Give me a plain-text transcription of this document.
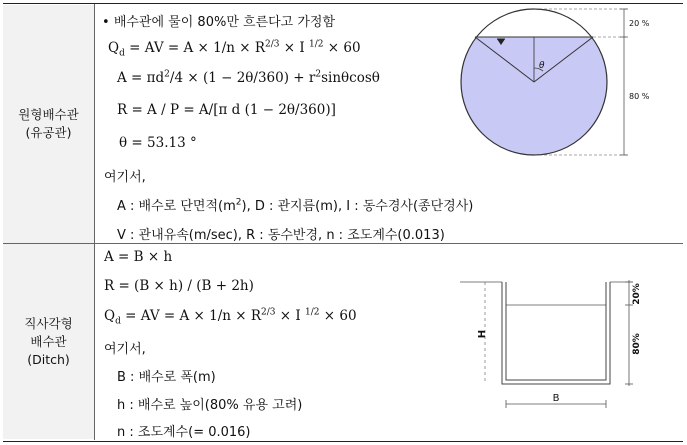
원형배수관
(유공관)
• 배수관에 물이 80%만 흐른다고 가정함
$Q_d$ = AV = $A \times 1/n \times R^{2/3} \times I$ $^{1/2}$ × 60
$A = \pi d^2/4 \times (1 - 2\theta/360) + r^2\sin\theta\cos\theta$
R = A / P = A/[π d (1 − 2θ/360)]
θ = 53.13 °
여기서,
A : 배수로 단면적$(m^2)$, D : 관지름(m), I : 동수경사(종단경사)
V : 관내유속(m/sec), R : 동수반경, n : 조도계수(0.013)
θ
20 %
80 %
직사각형
배수관
(Ditch)
A = B × h
R = (B × h) / (B + 2h)
$Q_d$ = AV = $A \times 1/n \times R^{2/3} \times I$ $^{1/2}$ × 60
여기서,
B : 배수로 폭(m)
h : 배수로 높이(80% 유용 고려)
n : 조도계수(= 0.016)
H
20%
80%
B
